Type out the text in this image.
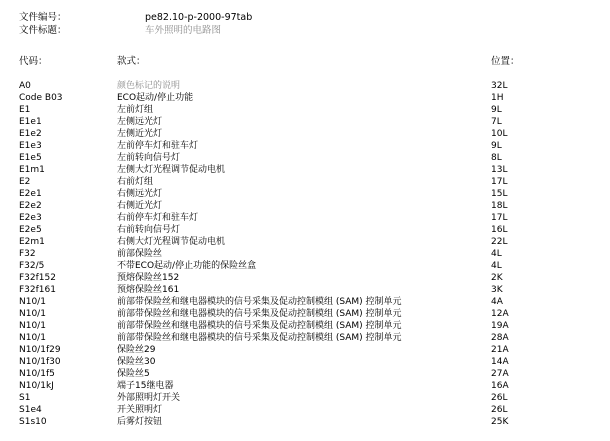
文件编号：	pe82.10-p-2000-97tab
文件标题：	车外照明的电路图
代码：	款式：	位置：
A0	颜色标记的说明	32L
Code B03	ECO起动/停止功能	1H
E1	左前灯组	9L
E1e1	左侧远光灯	7L
E1e2	左侧近光灯	10L
E1e3	左前停车灯和驻车灯	9L
E1e5	左前转向信号灯	8L
E1m1	左侧大灯光程调节促动电机	13L
E2	右前灯组	17L
E2e1	右侧远光灯	15L
E2e2	右侧近光灯	18L
E2e3	右前停车灯和驻车灯	17L
E2e5	右前转向信号灯	16L
E2m1	右侧大灯光程调节促动电机	22L
F32	前部保险丝	4L
F32/5	不带ECO起动/停止功能的保险丝盒	4L
F32f152	预熔保险丝152	2K
F32f161	预熔保险丝161	3K
N10/1	前部带保险丝和继电器模块的信号采集及促动控制模组 (SAM) 控制单元	4A
N10/1	前部带保险丝和继电器模块的信号采集及促动控制模组 (SAM) 控制单元	12A
N10/1	前部带保险丝和继电器模块的信号采集及促动控制模组 (SAM) 控制单元	19A
N10/1	前部带保险丝和继电器模块的信号采集及促动控制模组 (SAM) 控制单元	28A
N10/1f29	保险丝29	21A
N10/1f30	保险丝30	14A
N10/1f5	保险丝5	27A
N10/1kJ	端子15继电器	16A
S1	外部照明灯开关	26L
S1e4	开关照明灯	26L
S1s10	后雾灯按钮	25K
